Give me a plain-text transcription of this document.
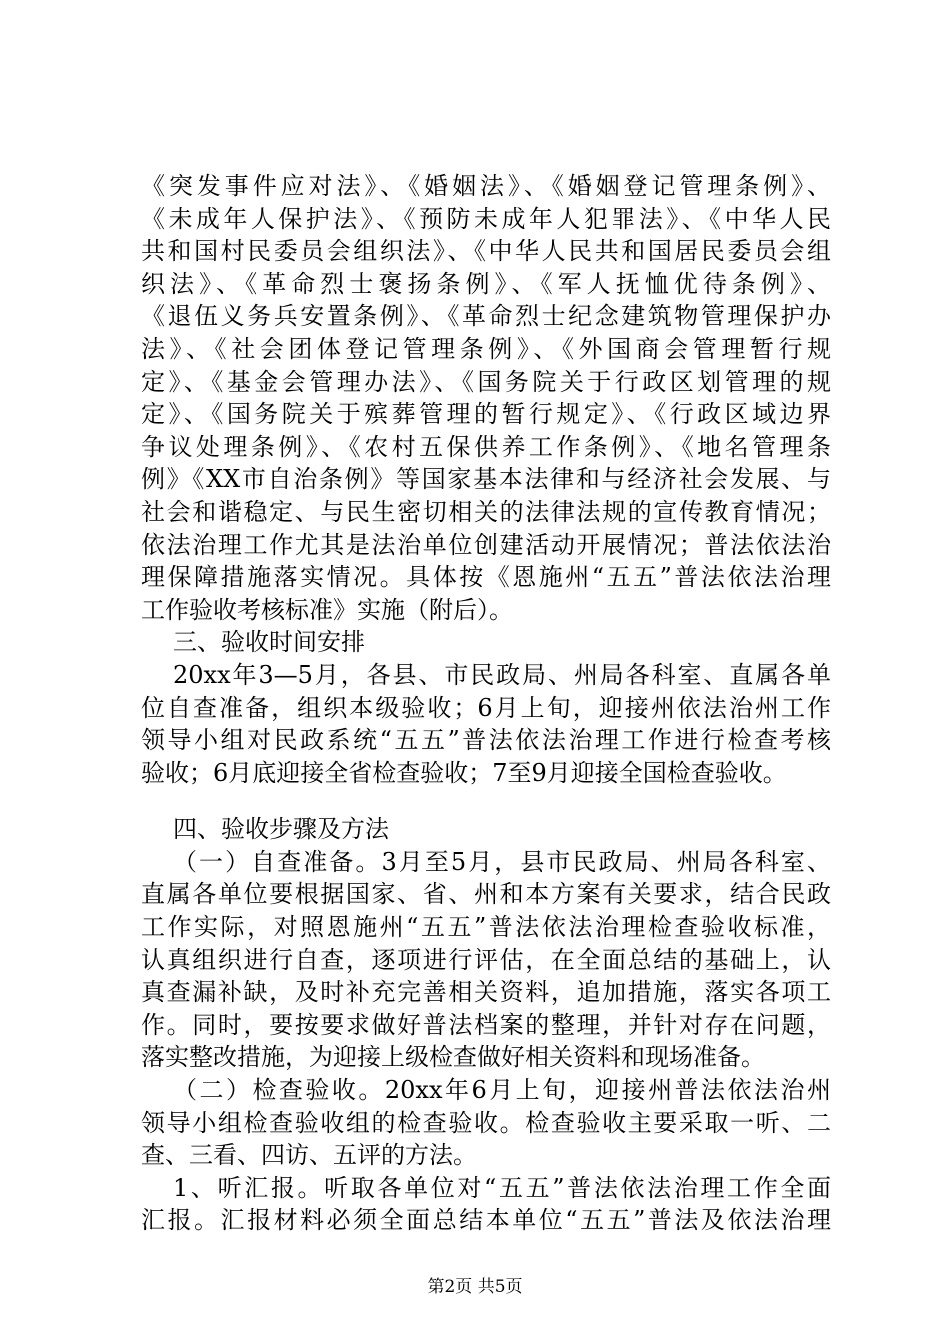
《突发事件应对法》、《婚姻法》、《婚姻登记管理条例》、
《未成年人保护法》、《预防未成年人犯罪法》、《中华人民
共和国村民委员会组织法》、《中华人民共和国居民委员会组
织法》、《革命烈士褒扬条例》、《军人抚恤优待条例》、
《退伍义务兵安置条例》、《革命烈士纪念建筑物管理保护办
法》、《社会团体登记管理条例》、《外国商会管理暂行规
定》、《基金会管理办法》、《国务院关于行政区划管理的规
定》、《国务院关于殡葬管理的暂行规定》、《行政区域边界
争议处理条例》、《农村五保供养工作条例》、《地名管理条
例》《XX市自治条例》等国家基本法律和与经济社会发展、与
社会和谐稳定、与民生密切相关的法律法规的宣传教育情况；
依法治理工作尤其是法治单位创建活动开展情况；普法依法治
理保障措施落实情况。具体按《恩施州“五五”普法依法治理
工作验收考核标准》实施（附后）。
三、验收时间安排
20xx年3—5月，各县、市民政局、州局各科室、直属各单
位自查准备，组织本级验收；6月上旬，迎接州依法治州工作
领导小组对民政系统“五五”普法依法治理工作进行检查考核
验收；6月底迎接全省检查验收；7至9月迎接全国检查验收。
四、验收步骤及方法
（一）自查准备。3月至5月，县市民政局、州局各科室、
直属各单位要根据国家、省、州和本方案有关要求，结合民政
工作实际，对照恩施州“五五”普法依法治理检查验收标准，
认真组织进行自查，逐项进行评估，在全面总结的基础上，认
真查漏补缺，及时补充完善相关资料，追加措施，落实各项工
作。同时，要按要求做好普法档案的整理，并针对存在问题，
落实整改措施，为迎接上级检查做好相关资料和现场准备。
（二）检查验收。20xx年6月上旬，迎接州普法依法治州
领导小组检查验收组的检查验收。检查验收主要采取一听、二
查、三看、四访、五评的方法。
1、听汇报。听取各单位对“五五”普法依法治理工作全面
汇报。汇报材料必须全面总结本单位“五五”普法及依法治理
第2页 共5页
